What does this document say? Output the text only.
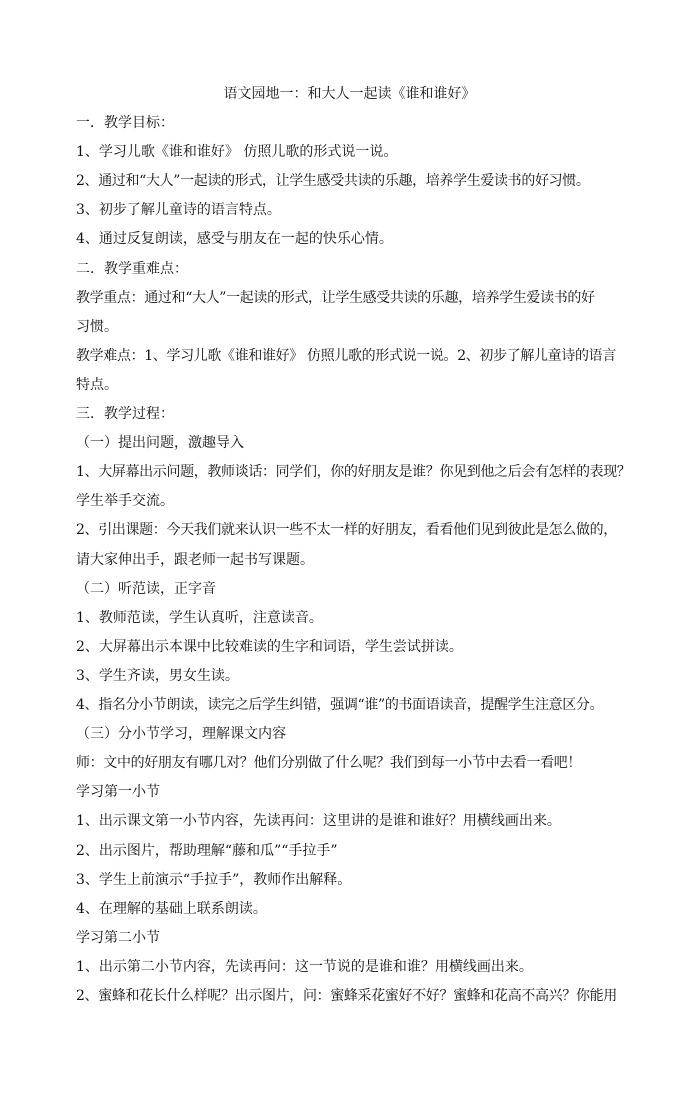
语文园地一：和大人一起读《谁和谁好》
一．教学目标：
1、学习儿歌《谁和谁好》 仿照儿歌的形式说一说。
2、通过和“大人”一起读的形式，让学生感受共读的乐趣，培养学生爱读书的好习惯。
3、初步了解儿童诗的语言特点。
4、通过反复朗读，感受与朋友在一起的快乐心情。
二．教学重难点：
教学重点：通过和“大人”一起读的形式，让学生感受共读的乐趣，培养学生爱读书的好
习惯。
教学难点：1、学习儿歌《谁和谁好》 仿照儿歌的形式说一说。2、初步了解儿童诗的语言
特点。
三．教学过程：
（一）提出问题，激趣导入
1、大屏幕出示问题，教师谈话：同学们，你的好朋友是谁？你见到他之后会有怎样的表现？
学生举手交流。
2、引出课题：今天我们就来认识一些不太一样的好朋友，看看他们见到彼此是怎么做的，
请大家伸出手，跟老师一起书写课题。
（二）听范读，正字音
1、教师范读，学生认真听，注意读音。
2、大屏幕出示本课中比较难读的生字和词语，学生尝试拼读。
3、学生齐读，男女生读。
4、指名分小节朗读，读完之后学生纠错，强调“谁”的书面语读音，提醒学生注意区分。
（三）分小节学习，理解课文内容
师：文中的好朋友有哪几对？他们分别做了什么呢？我们到每一小节中去看一看吧！
学习第一小节
1、出示课文第一小节内容，先读再问：这里讲的是谁和谁好？用横线画出来。
2、出示图片，帮助理解“藤和瓜”“手拉手”
3、学生上前演示“手拉手”，教师作出解释。
4、在理解的基础上联系朗读。
学习第二小节
1、出示第二小节内容，先读再问：这一节说的是谁和谁？用横线画出来。
2、蜜蜂和花长什么样呢？出示图片，问：蜜蜂采花蜜好不好？蜜蜂和花高不高兴？你能用
